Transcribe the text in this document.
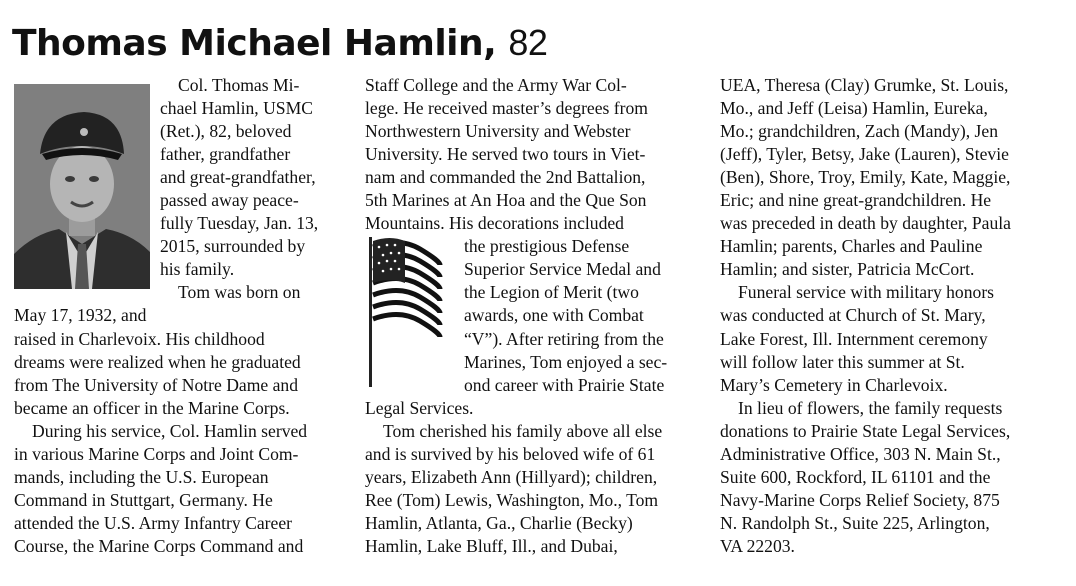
Thomas Michael Hamlin, 82

Col. Thomas Mi-
chael Hamlin, USMC
(Ret.), 82, beloved
father, grandfather
and great-grandfather,
passed away peace-
fully Tuesday, Jan. 13,
2015, surrounded by
his family.
Tom was born on
May 17, 1932, and

raised in Charlevoix. His childhood
dreams were realized when he graduated
from The University of Notre Dame and
became an officer in the Marine Corps.
During his service, Col. Hamlin served
in various Marine Corps and Joint Com-
mands, including the U.S. European
Command in Stuttgart, Germany. He
attended the U.S. Army Infantry Career
Course, the Marine Corps Command and

Staff College and the Army War Col-
lege. He received master’s degrees from
Northwestern University and Webster
University. He served two tours in Viet-
nam and commanded the 2nd Battalion,
5th Marines at An Hoa and the Que Son
Mountains. His decorations included

the prestigious Defense
Superior Service Medal and
the Legion of Merit (two
awards, one with Combat
“V”). After retiring from the
Marines, Tom enjoyed a sec-
ond career with Prairie State

Legal Services.
Tom cherished his family above all else
and is survived by his beloved wife of 61
years, Elizabeth Ann (Hillyard); children,
Ree (Tom) Lewis, Washington, Mo., Tom
Hamlin, Atlanta, Ga., Charlie (Becky)
Hamlin, Lake Bluff, Ill., and Dubai,

UEA, Theresa (Clay) Grumke, St. Louis,
Mo., and Jeff (Leisa) Hamlin, Eureka,
Mo.; grandchildren, Zach (Mandy), Jen
(Jeff), Tyler, Betsy, Jake (Lauren), Stevie
(Ben), Shore, Troy, Emily, Kate, Maggie,
Eric; and nine great-grandchildren. He
was preceded in death by daughter, Paula
Hamlin; parents, Charles and Pauline
Hamlin; and sister, Patricia McCort.
Funeral service with military honors
was conducted at Church of St. Mary,
Lake Forest, Ill. Internment ceremony
will follow later this summer at St.
Mary’s Cemetery in Charlevoix.
In lieu of flowers, the family requests
donations to Prairie State Legal Services,
Administrative Office, 303 N. Main St.,
Suite 600, Rockford, IL 61101 and the
Navy-Marine Corps Relief Society, 875
N. Randolph St., Suite 225, Arlington,
VA 22203.
